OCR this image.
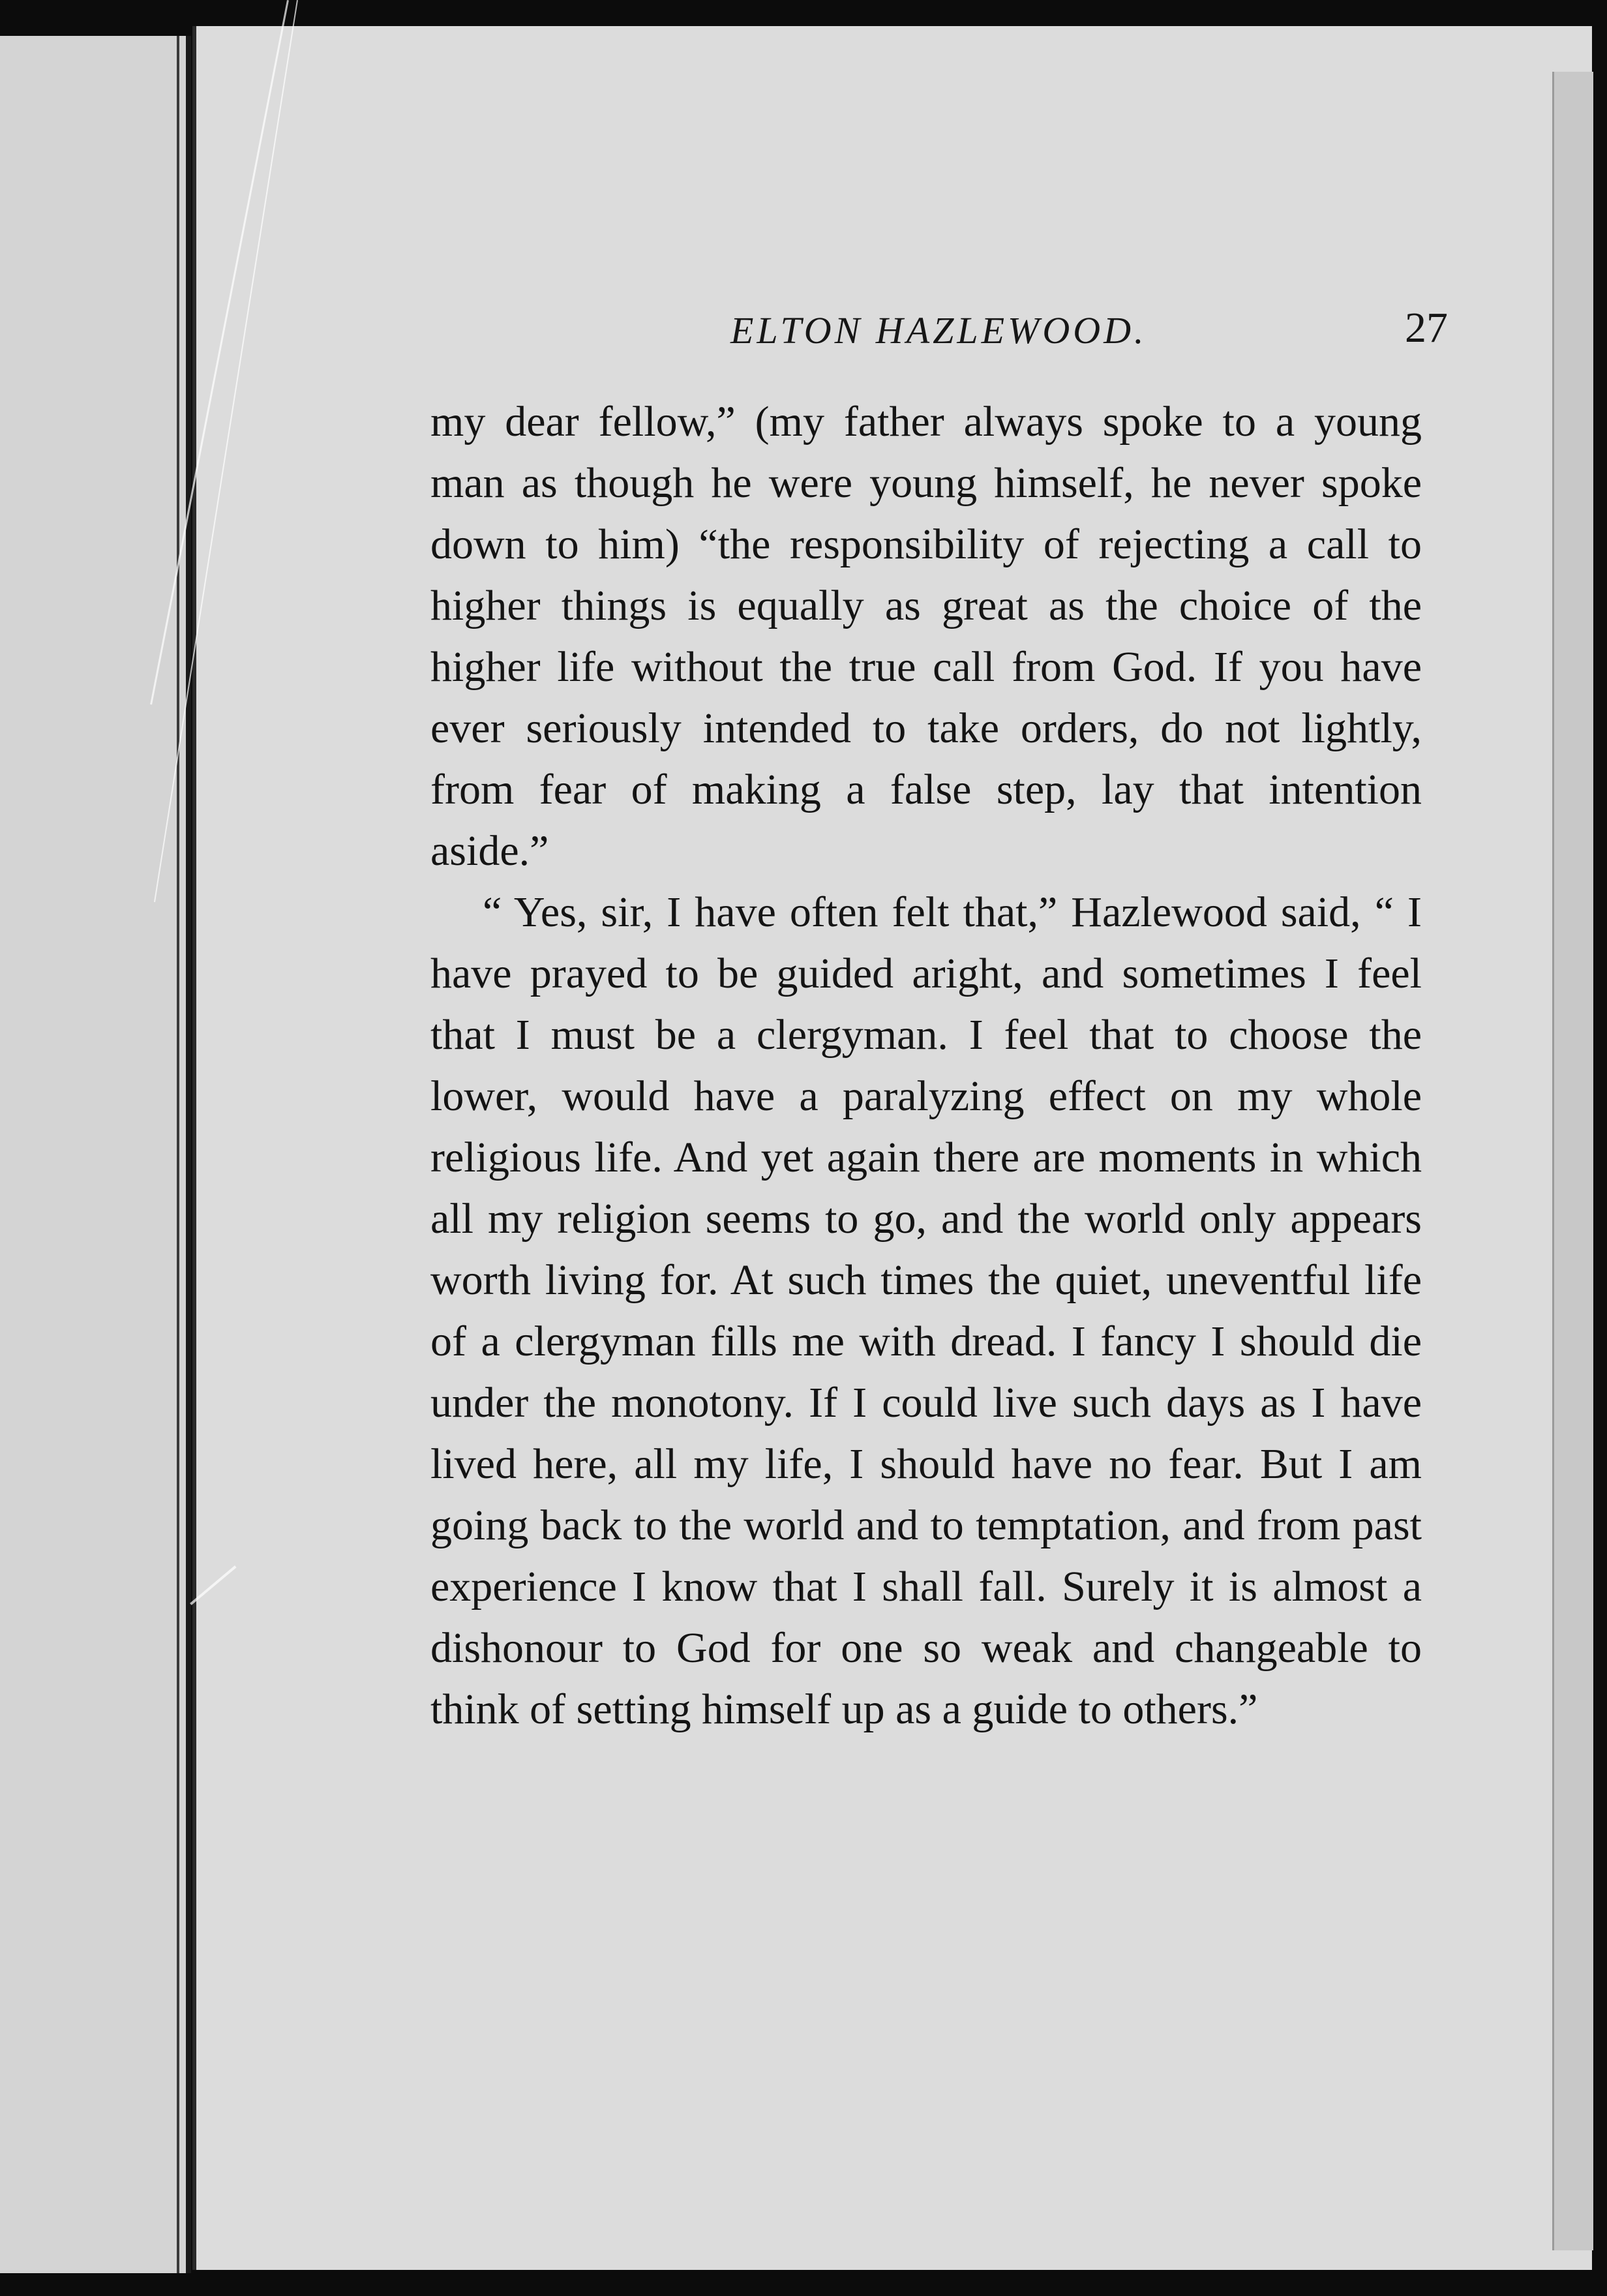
ELTON HAZLEWOOD.	27

my dear fellow,” (my father always spoke to a young man as though he were young himself, he never spoke down to him) “the responsibility of rejecting a call to higher things is equally as great as the choice of the higher life without the true call from God. If you have ever seriously intended to take orders, do not lightly, from fear of making a false step, lay that intention aside.”

“ Yes, sir, I have often felt that,” Hazlewood said, “ I have prayed to be guided aright, and sometimes I feel that I must be a clergyman. I feel that to choose the lower, would have a paralyzing effect on my whole religious life. And yet again there are moments in which all my religion seems to go, and the world only appears worth living for. At such times the quiet, uneventful life of a clergyman fills me with dread. I fancy I should die under the monotony. If I could live such days as I have lived here, all my life, I should have no fear. But I am going back to the world and to temptation, and from past experience I know that I shall fall. Surely it is almost a dishonour to God for one so weak and changeable to think of setting himself up as a guide to others.”
